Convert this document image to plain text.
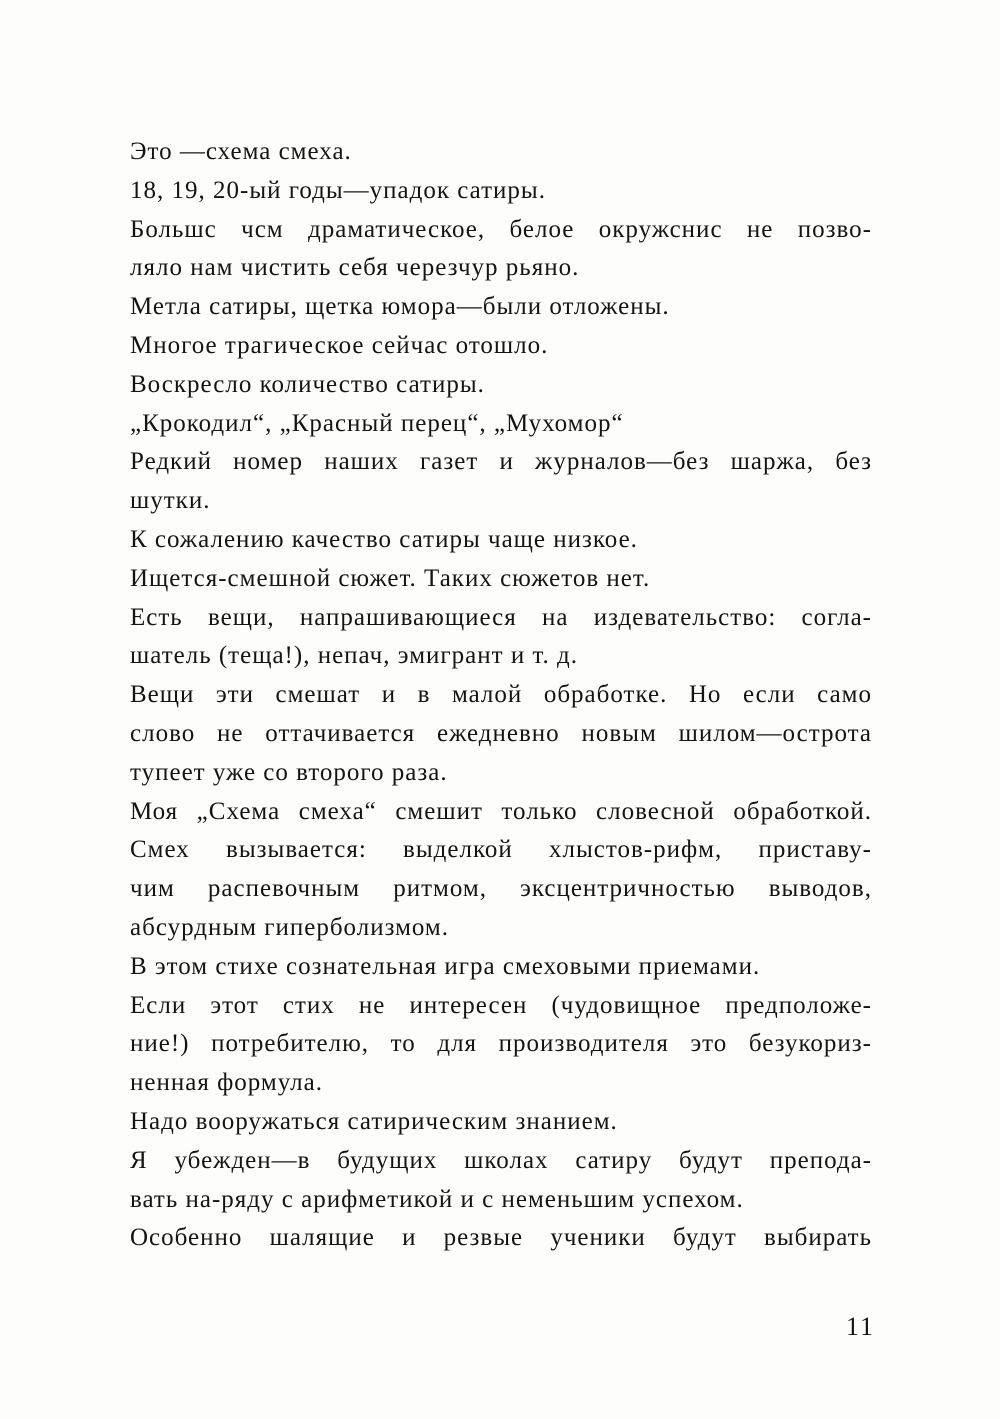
Это —схема смеха.
18, 19, 20-ый годы—упадок сатиры.
Большс чсм драматическое, белое окружснис не позво-
ляло нам чистить себя черезчур рьяно.
Метла сатиры, щетка юмора—были отложены.
Многое трагическое сейчас отошло.
Воскресло количество сатиры.
„Крокодил“, „Красный перец“, „Мухомор“
Редкий номер наших газет и журналов—без шаржа, без
шутки.
К сожалению качество сатиры чаще низкое.
Ищется-смешной сюжет. Таких сюжетов нет.
Есть вещи, напрашивающиеся на издевательство: согла-
шатель (теща!), непач, эмигрант и т. д.
Вещи эти смешат и в малой обработке. Но если само
слово не оттачивается ежедневно новым шилом—острота
тупеет уже со второго раза.
Моя „Схема смеха“ смешит только словесной обработкой.
Смех вызывается: выделкой хлыстов-рифм, приставу-
чим распевочным ритмом, эксцентричностью выводов,
абсурдным гиперболизмом.
В этом стихе сознательная игра смеховыми приемами.
Если этот стих не интересен (чудовищное предположе-
ние!) потребителю, то для производителя это безукориз-
ненная формула.
Надо вооружаться сатирическим знанием.
Я убежден—в будущих школах сатиру будут препода-
вать на-ряду с арифметикой и с неменьшим успехом.
Особенно шалящие и резвые ученики будут выбирать
11
